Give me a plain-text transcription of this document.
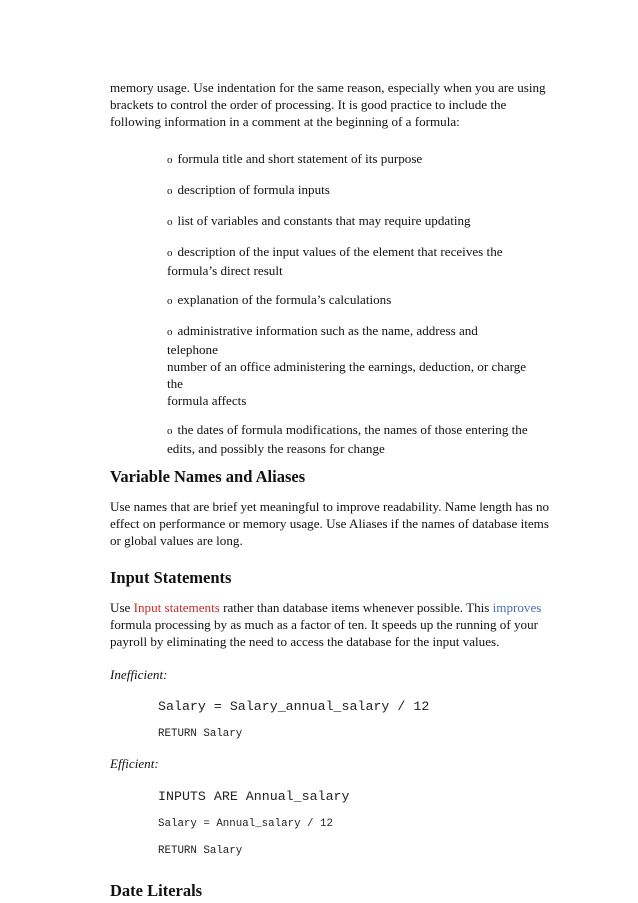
memory usage. Use indentation for the same reason, especially when you are using

brackets to control the order of processing. It is good practice to include the

following information in a comment at the beginning of a formula:

o formula title and short statement of its purpose
o description of formula inputs
o list of variables and constants that may require updating
o description of the input values of the element that receives the
formula’s direct result
o explanation of the formula’s calculations
o administrative information such as the name, address and telephone
number of an office administering the earnings, deduction, or charge the
formula affects
o the dates of formula modifications, the names of those entering the
edits, and possibly the reasons for change
Variable Names and Aliases

Use names that are brief yet meaningful to improve readability. Name length has no

effect on performance or memory usage. Use Aliases if the names of database items

or global values are long.

Input Statements

Use Input statements rather than database items whenever possible. This improves

formula processing by as much as a factor of ten. It speeds up the running of your

payroll by eliminating the need to access the database for the input values.

Inefficient:

Salary = Salary_annual_salary / 12
RETURN Salary

Efficient:

INPUTS ARE Annual_salary
Salary = Annual_salary / 12
RETURN Salary
Date Literals
